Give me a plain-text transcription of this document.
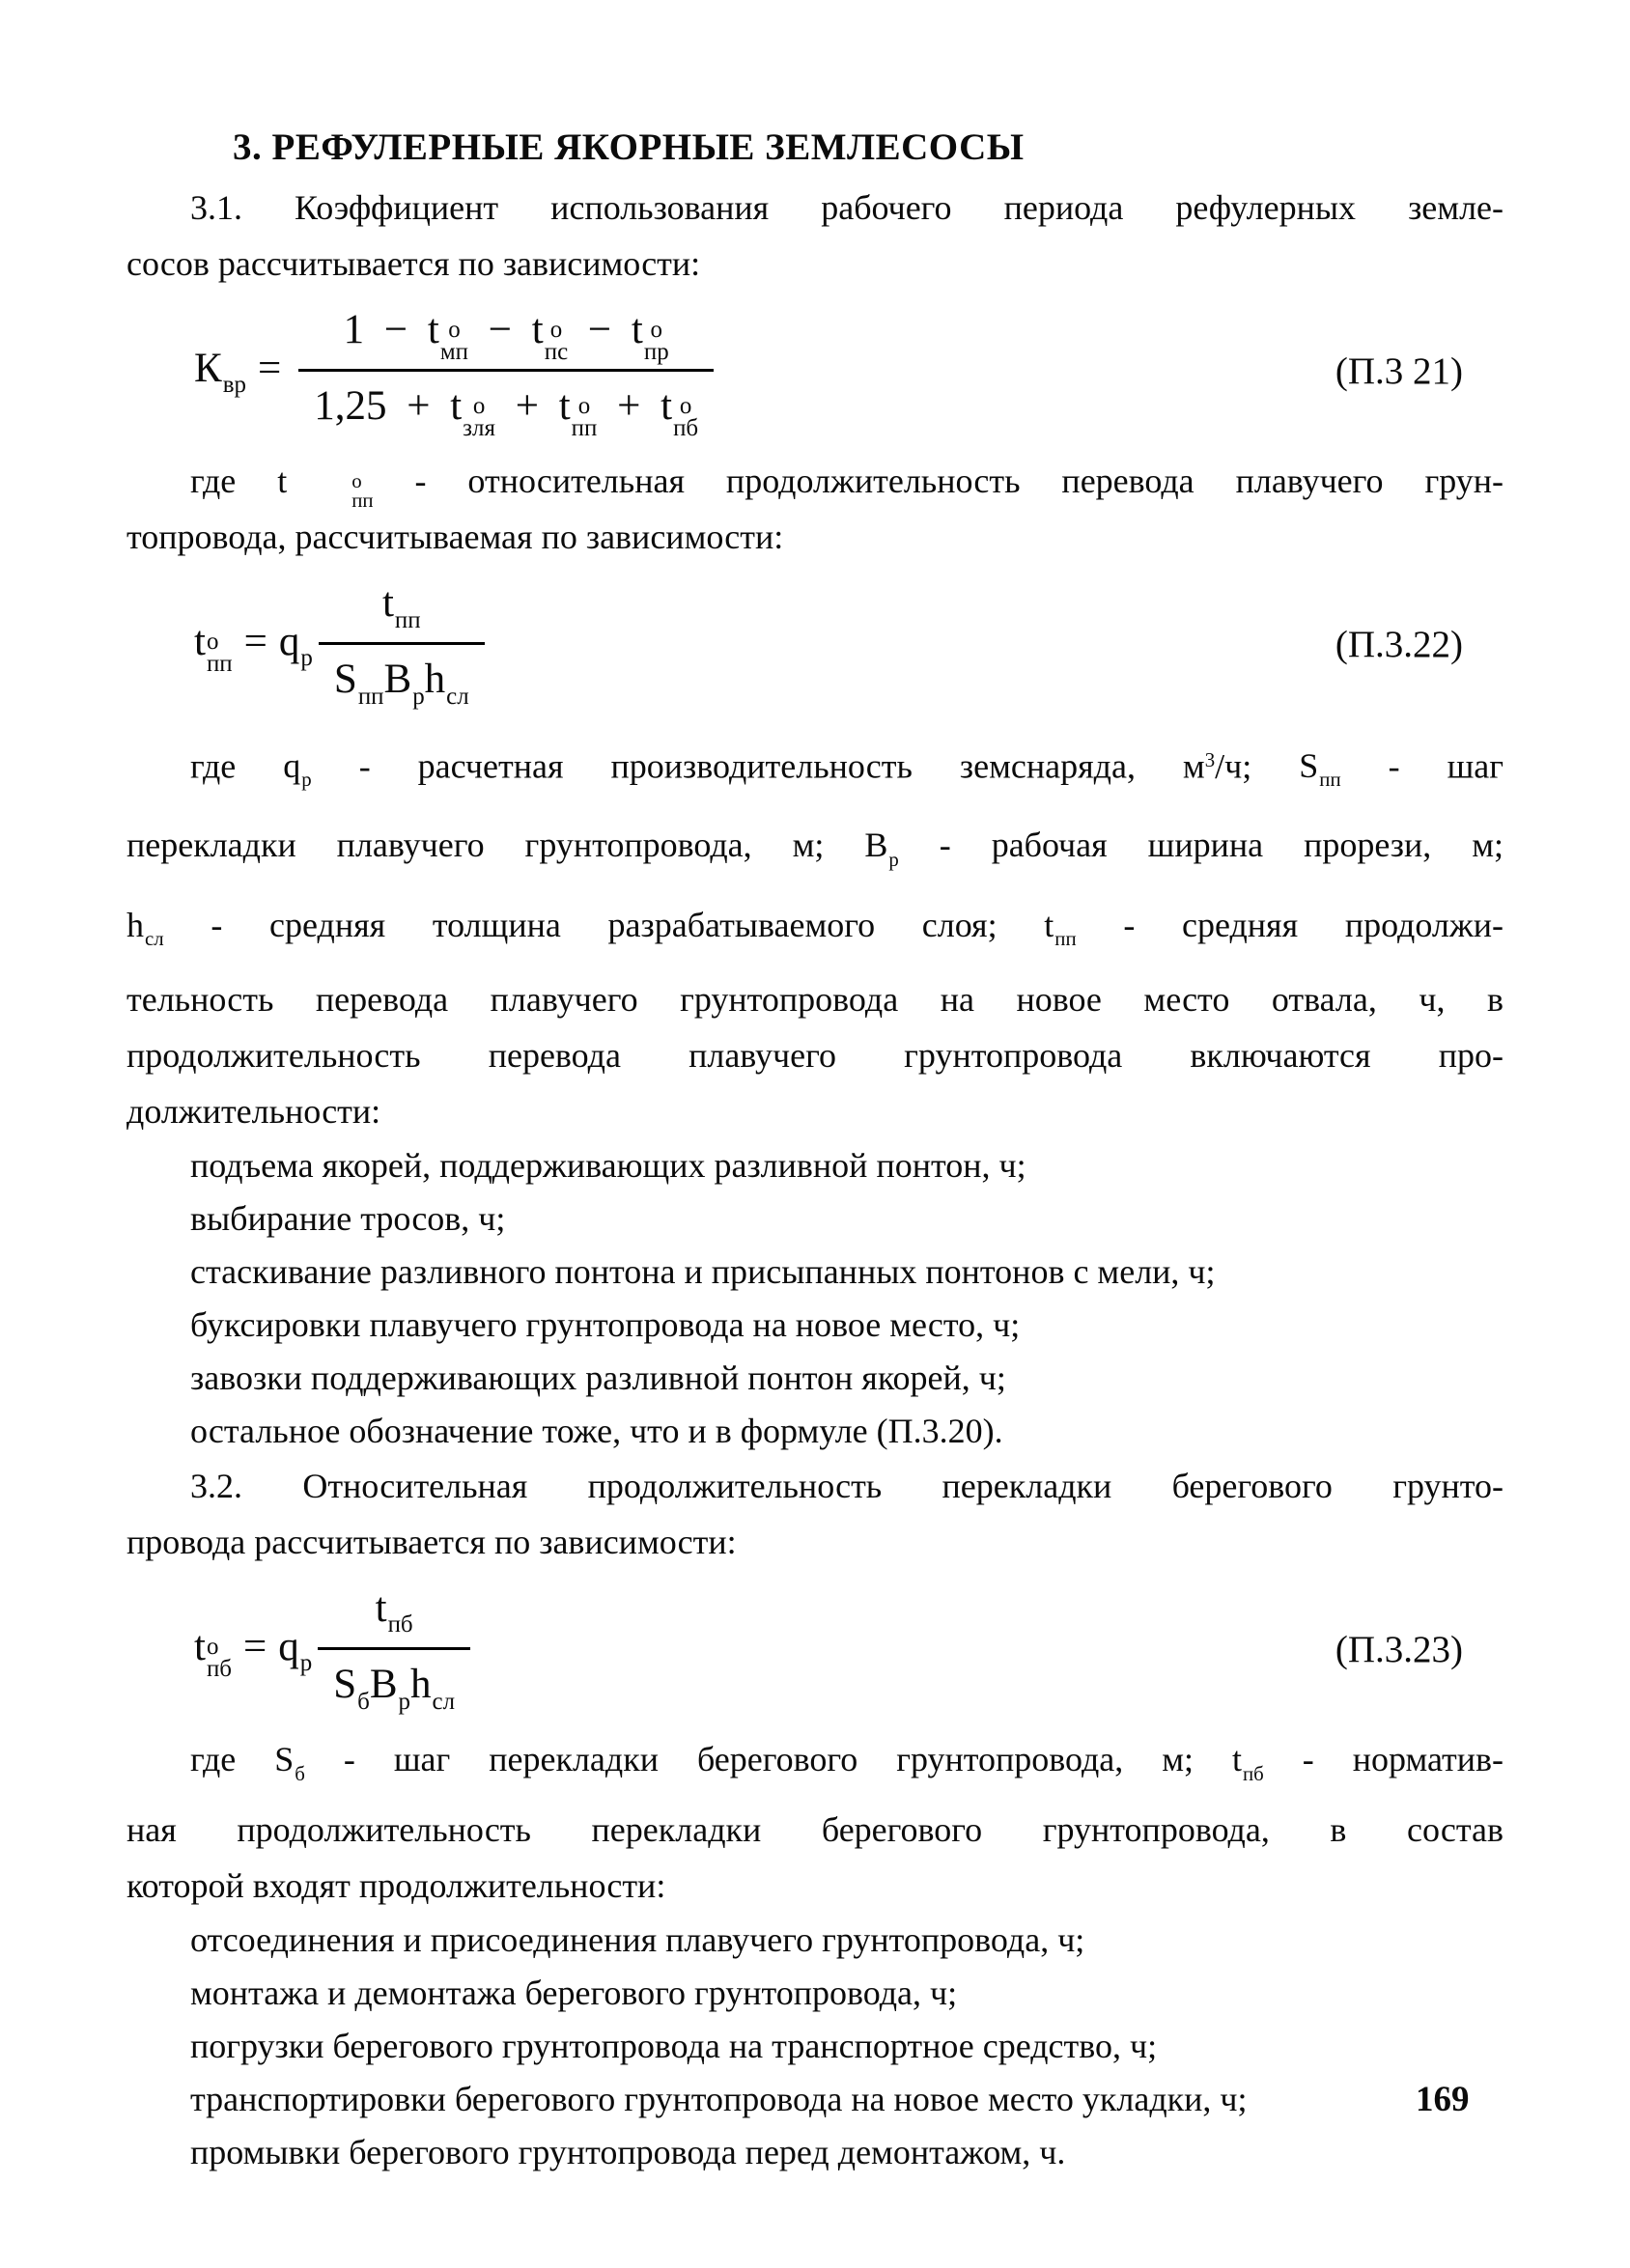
3. РЕФУЛЕРНЫЕ ЯКОРНЫЕ ЗЕМЛЕСОСЫ
3.1. Коэффициент использования рабочего периода рефулерных земле-
сосов рассчитывается по зависимости:
$К_{вр}$ =
1 − t о
мп − t о
пс − t о
пр
1,25 + t о
зля + t о
пп + t о
пб
(П.3 21)
где t	о
пп - относительная продолжительность перевода плавучего грун-
топровода, рассчитываемая по зависимости:
t о
пп = $q_р \frac{t_{пп}}{S_{пп}B_рh_{сл}}$	(П.3.22)
где $q_р$ - расчетная производительность земснаряда, $м^3/ч$; $S_{пп}$ - шаг
перекладки плавучего грунтопровода, м; $B_р$ - рабочая ширина прорези, м;
$h_{сл}$ - средняя толщина разрабатываемого слоя; $t_{пп}$ - средняя продолжи-
тельность перевода плавучего грунтопровода на новое место отвала, ч, в
продолжительность перевода плавучего грунтопровода включаются про-
должительности:
подъема якорей, поддерживающих разливной понтон, ч;
выбирание тросов, ч;
стаскивание разливного понтона и присыпанных понтонов с мели, ч;
буксировки плавучего грунтопровода на новое место, ч;
завозки поддерживающих разливной понтон якорей, ч;
остальное обозначение тоже, что и в формуле (П.3.20).
3.2. Относительная продолжительность перекладки берегового грунто-
провода рассчитывается по зависимости:
t о
пб = $q_р \frac{t_{пб}}{S_бB_рh_{сл}}$	(П.3.23)
где $S_б$ - шаг перекладки берегового грунтопровода, м; $t_{пб}$ - норматив-
ная продолжительность перекладки берегового грунтопровода, в состав
которой входят продолжительности:
отсоединения и присоединения плавучего грунтопровода, ч;
монтажа и демонтажа берегового грунтопровода, ч;
погрузки берегового грунтопровода на транспортное средство, ч;
транспортировки берегового грунтопровода на новое место укладки, ч;
промывки берегового грунтопровода перед демонтажом, ч.
169
